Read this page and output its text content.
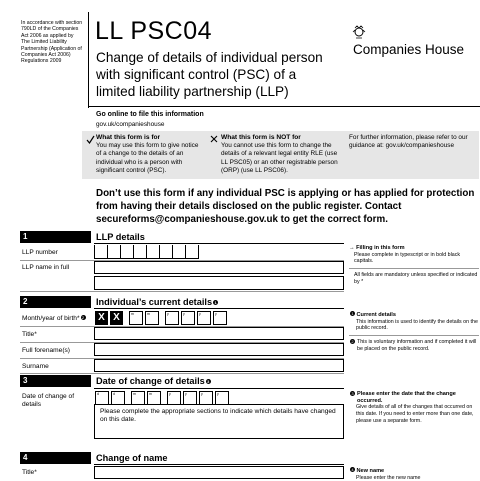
In accordance with section 790LD of the Companies Act 2006 as applied by The Limited Liability Partnership (Application of Companies Act 2006) Regulations 2009
LL PSC04
Change of details of individual person with significant control (PSC) of a limited liability partnership (LLP)
Companies House
Go online to file this information
gov.uk/companieshouse
What this form is for
You may use this form to give notice of a change to the details of an individual who is a person with significant control (PSC).
What this form is NOT for
You cannot use this form to change the details of a relevant legal entity RLE (use LL PSC05) or an other registrable person (ORP) (use LL PSC06).
For further information, please refer to our guidance at: gov.uk/companieshouse
Don’t use this form if any individual PSC is applying or has applied for protection from having their details disclosed on the public register. Contact secureforms@companieshouse.gov.uk to get the correct form.
1	LLP details
LLP number
LLP name in full
→ Filling in this form
Please complete in typescript or in bold black capitals.
All fields are mandatory unless specified or indicated by *
2	Individual’s current details 1
Month/year of birth* 2	X X	m	m	y	y	y	y
Title*
Full forename(s)
Surname
1 Current details
This information is used to identify the details on the public record.
2 This is voluntary information and if completed it will be placed on the public record.
3	Date of change of details 3
Date of change of details
d	d	m	m	y	y	y	y
Please complete the appropriate sections to indicate which details have changed on this date.
3 Please enter the date that the change occurred.
Give details of all of the changes that occurred on this date. If you need to enter more than one date, please use a separate form.
4	Change of name
Title*	4 New name
Please enter the new name
